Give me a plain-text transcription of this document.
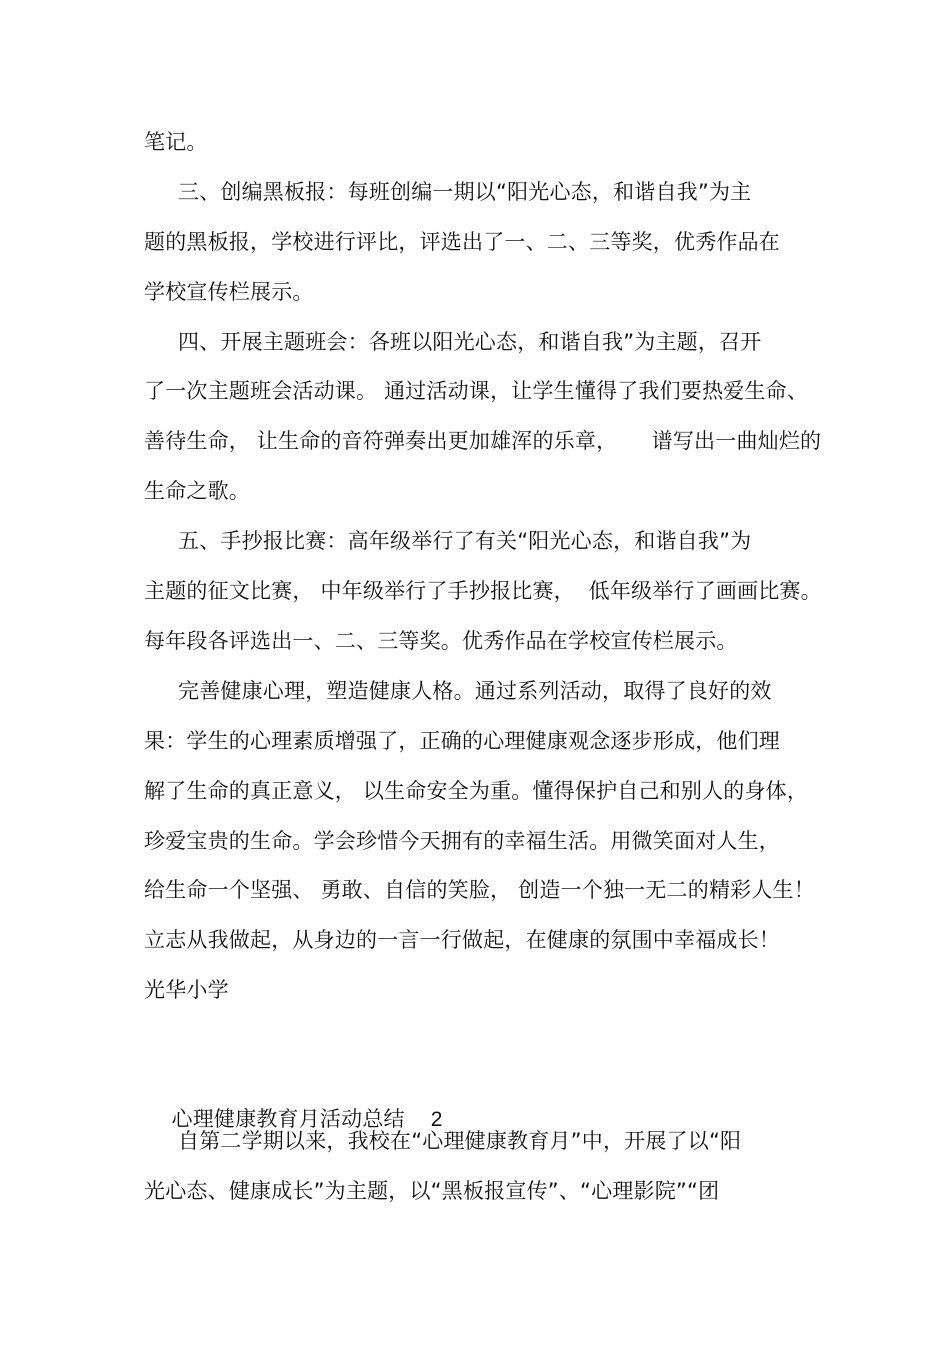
笔记。
三、创编黑板报：每班创编一期以“阳光心态，和谐自我”为主
题的黑板报，学校进行评比，评选出了一、二、三等奖，优秀作品在
学校宣传栏展示。
四、开展主题班会：各班以阳光心态，和谐自我”为主题，召开
了一次主题班会活动课。 通过活动课，让学生懂得了我们要热爱生命、
善待生命， 让生命的音符弹奏出更加雄浑的乐章，     谱写出一曲灿烂的
生命之歌。
五、手抄报比赛：高年级举行了有关“阳光心态，和谐自我”为
主题的征文比赛， 中年级举行了手抄报比赛，  低年级举行了画画比赛。
每年段各评选出一、二、三等奖。优秀作品在学校宣传栏展示。
完善健康心理，塑造健康人格。通过系列活动，取得了良好的效
果：学生的心理素质增强了，正确的心理健康观念逐步形成，他们理
解了生命的真正意义， 以生命安全为重。懂得保护自己和别人的身体，
珍爱宝贵的生命。学会珍惜今天拥有的幸福生活。用微笑面对人生，
给生命一个坚强、 勇敢、自信的笑脸， 创造一个独一无二的精彩人生！
立志从我做起，从身边的一言一行做起，在健康的氛围中幸福成长！
光华小学

心理健康教育月活动总结 2

自第二学期以来，我校在“心理健康教育月”中，开展了以“阳
光心态、健康成长”为主题，以“黑板报宣传”、“心理影院”“团
